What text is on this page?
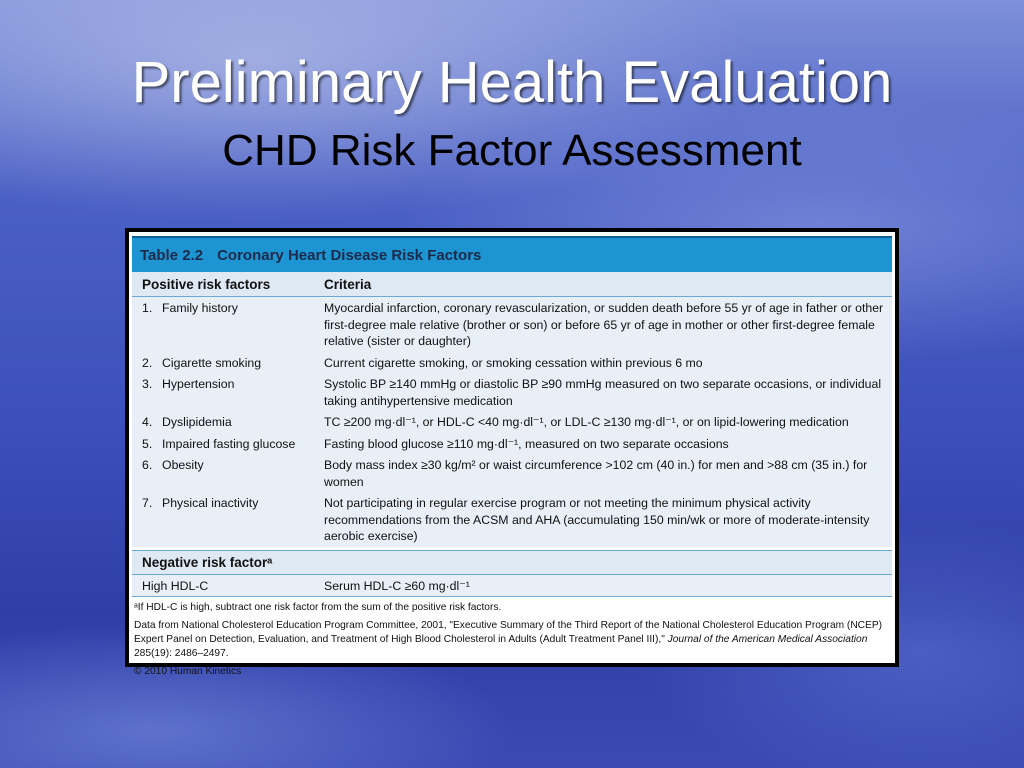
Preliminary Health Evaluation
CHD Risk Factor Assessment
Table 2.2 Coronary Heart Disease Risk Factors
Positive risk factors	Criteria
1. Family history	Myocardial infarction, coronary revascularization, or sudden death before 55 yr of age in father or other first-degree male relative (brother or son) or before 65 yr of age in mother or other first-degree female relative (sister or daughter)
2. Cigarette smoking	Current cigarette smoking, or smoking cessation within previous 6 mo
3. Hypertension	Systolic BP ≥140 mmHg or diastolic BP ≥90 mmHg measured on two separate occasions, or individual taking antihypertensive medication
4. Dyslipidemia	TC ≥200 mg·dl⁻¹, or HDL-C <40 mg·dl⁻¹, or LDL-C ≥130 mg·dl⁻¹, or on lipid-lowering medication
5. Impaired fasting glucose	Fasting blood glucose ≥110 mg·dl⁻¹, measured on two separate occasions
6. Obesity	Body mass index ≥30 kg/m² or waist circumference >102 cm (40 in.) for men and >88 cm (35 in.) for women
7. Physical inactivity	Not participating in regular exercise program or not meeting the minimum physical activity recommendations from the ACSM and AHA (accumulating 150 min/wk or more of moderate-intensity aerobic exercise)
Negative risk factorᵃ
High HDL-C	Serum HDL-C ≥60 mg·dl⁻¹

ᵃIf HDL-C is high, subtract one risk factor from the sum of the positive risk factors.

Data from National Cholesterol Education Program Committee, 2001, "Executive Summary of the Third Report of the National Cholesterol Education Program (NCEP) Expert Panel on Detection, Evaluation, and Treatment of High Blood Cholesterol in Adults (Adult Treatment Panel III)," Journal of the American Medical Association 285(19): 2486–2497.

© 2010 Human Kinetics
